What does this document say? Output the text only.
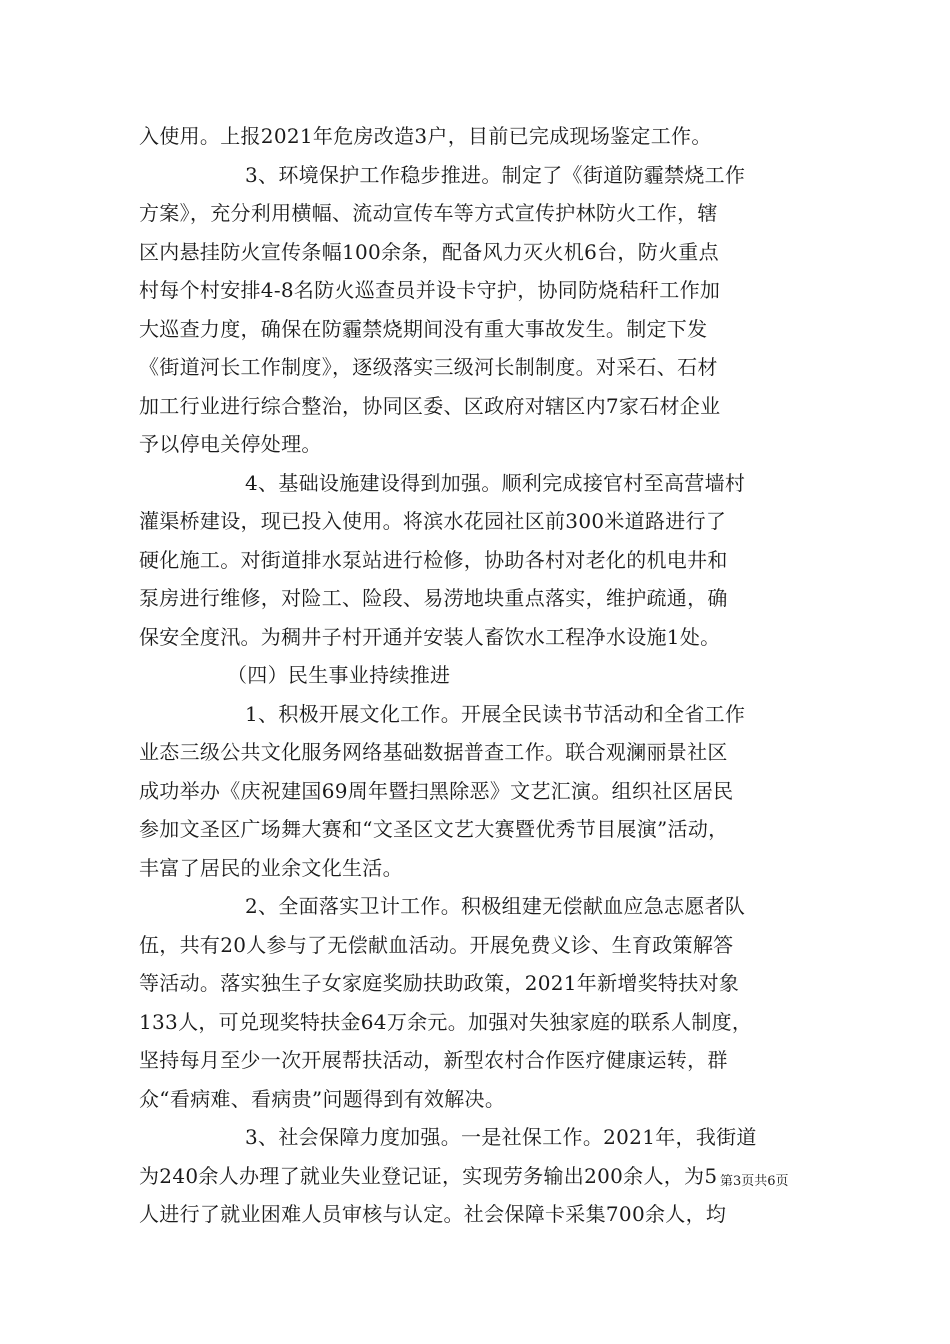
入使用。上报2021年危房改造3户，目前已完成现场鉴定工作。
3、环境保护工作稳步推进。制定了《街道防霾禁烧工作
方案》，充分利用横幅、流动宣传车等方式宣传护林防火工作，辖
区内悬挂防火宣传条幅100余条，配备风力灭火机6台，防火重点
村每个村安排4-8名防火巡查员并设卡守护，协同防烧秸秆工作加
大巡查力度，确保在防霾禁烧期间没有重大事故发生。制定下发
《街道河长工作制度》，逐级落实三级河长制制度。对采石、石材
加工行业进行综合整治，协同区委、区政府对辖区内7家石材企业
予以停电关停处理。
4、基础设施建设得到加强。顺利完成接官村至高营墙村
灌渠桥建设，现已投入使用。将滨水花园社区前300米道路进行了
硬化施工。对街道排水泵站进行检修，协助各村对老化的机电井和
泵房进行维修，对险工、险段、易涝地块重点落实，维护疏通，确
保安全度汛。为稠井子村开通并安装人畜饮水工程净水设施1处。
（四）民生事业持续推进
1、积极开展文化工作。开展全民读书节活动和全省工作
业态三级公共文化服务网络基础数据普查工作。联合观澜丽景社区
成功举办《庆祝建国69周年暨扫黑除恶》文艺汇演。组织社区居民
参加文圣区广场舞大赛和“文圣区文艺大赛暨优秀节目展演”活动，
丰富了居民的业余文化生活。
2、全面落实卫计工作。积极组建无偿献血应急志愿者队
伍，共有20人参与了无偿献血活动。开展免费义诊、生育政策解答
等活动。落实独生子女家庭奖励扶助政策，2021年新增奖特扶对象
133人，可兑现奖特扶金64万余元。加强对失独家庭的联系人制度，
坚持每月至少一次开展帮扶活动，新型农村合作医疗健康运转，群
众“看病难、看病贵”问题得到有效解决。
3、社会保障力度加强。一是社保工作。2021年，我街道
为240余人办理了就业失业登记证，实现劳务输出200余人，为5
人进行了就业困难人员审核与认定。社会保障卡采集700余人，均
第3页共6页
